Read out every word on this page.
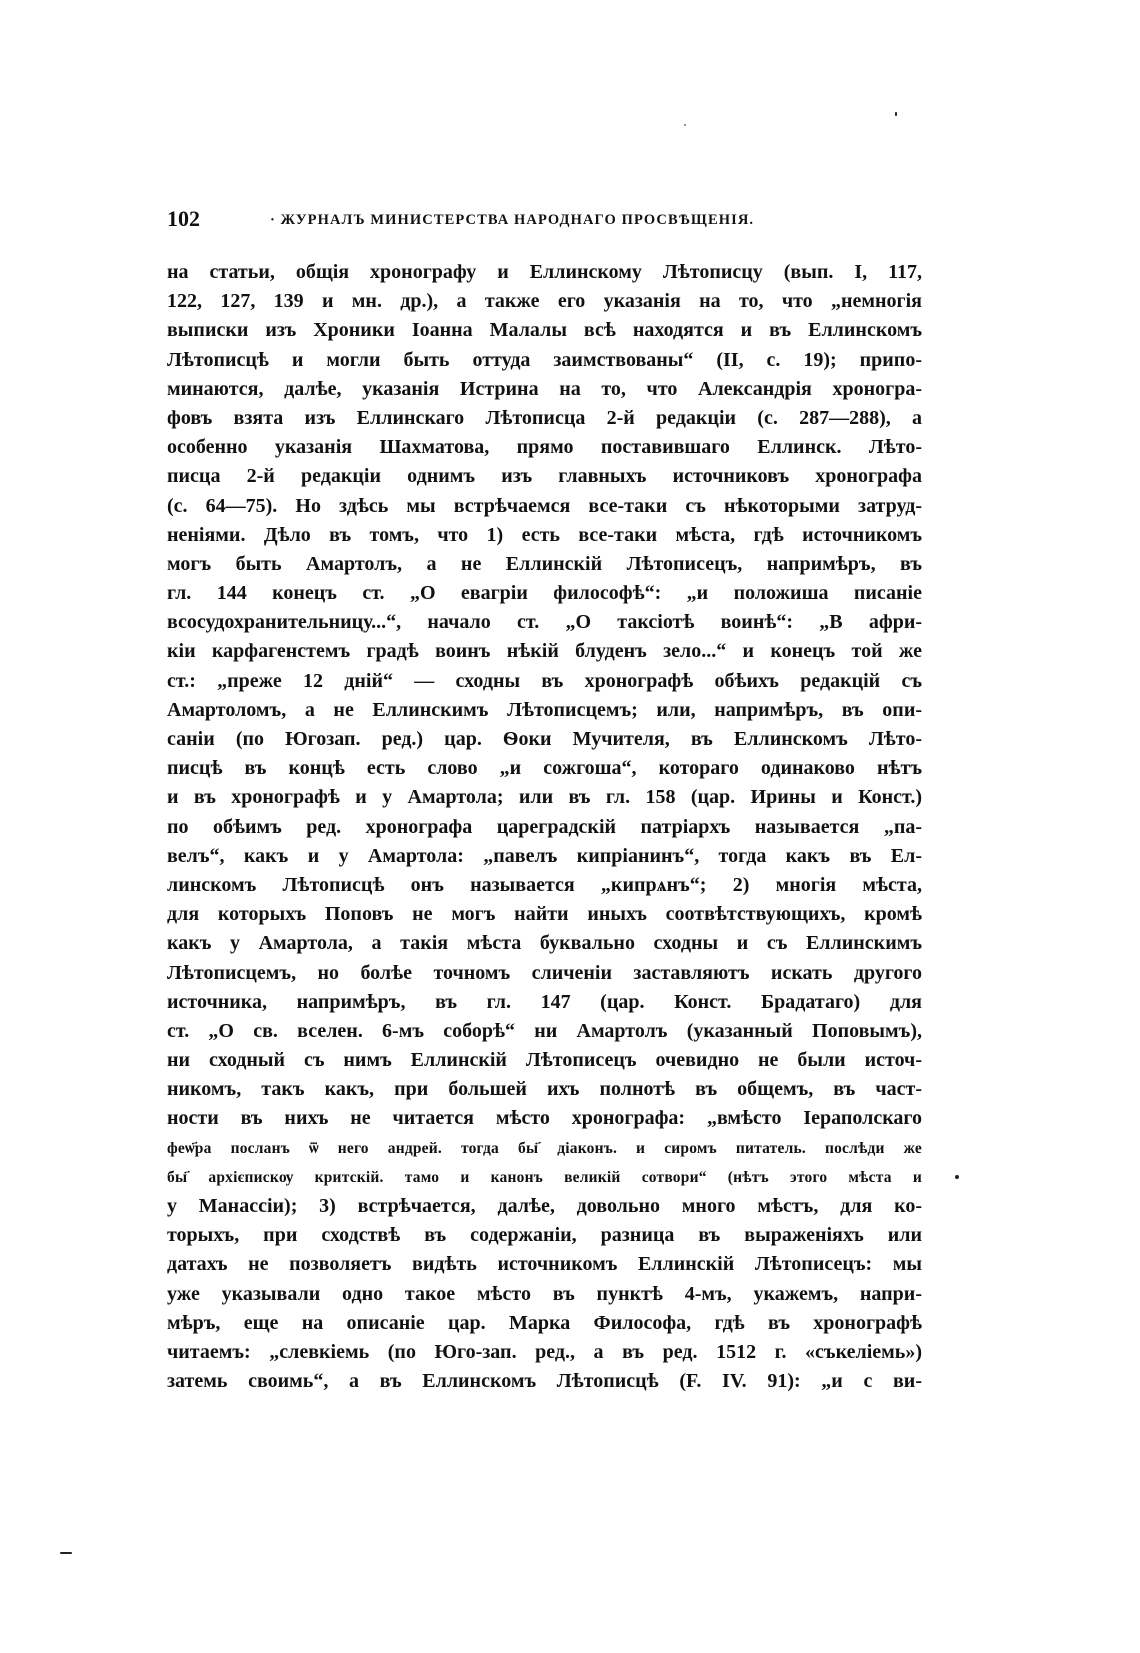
102	· ЖУРНАЛЪ МИНИСТЕРСТВА НАРОДНАГО ПРОСВѢЩЕНІЯ.
на статьи, общія хронографу и Еллинскому Лѣтописцу (вып. I, 117,
122, 127, 139 и мн. др.), а также его указанія на то, что „немногія
выписки изъ Хроники Іоанна Малалы всѣ находятся и въ Еллинскомъ
Лѣтописцѣ и могли быть оттуда заимствованы“ (II, с. 19); припо-
минаются, далѣе, указанія Истрина на то, что Александрія хроногра-
фовъ взята изъ Еллинскаго Лѣтописца 2-й редакціи (с. 287—288), а
особенно указанія Шахматова, прямо поставившаго Еллинск. Лѣто-
писца 2-й редакціи однимъ изъ главныхъ источниковъ хронографа
(с. 64—75). Но здѣсь мы встрѣчаемся все-таки съ нѣкоторыми затруд-
неніями. Дѣло въ томъ, что 1) есть все-таки мѣста, гдѣ источникомъ
могъ быть Амартолъ, а не Еллинскій Лѣтописецъ, напримѣръ, въ
гл. 144 конецъ ст. „О евагріи философѣ“: „и положиша писаніе
всосудохранительницу...“, начало ст. „О таксіотѣ воинѣ“: „В афри-
кіи карфагенстемъ градѣ воинъ нѣкій блуденъ зело...“ и конецъ той же
ст.: „преже 12 дній“ — сходны въ хронографѣ обѣихъ редакцій съ
Амартоломъ, а не Еллинскимъ Лѣтописцемъ; или, напримѣръ, въ опи-
саніи (по Югозап. ред.) цар. Ѳоки Мучителя, въ Еллинскомъ Лѣто-
писцѣ въ концѣ есть слово „и сожгоша“, котораго одинаково нѣтъ
и въ хронографѣ и у Амартола; или въ гл. 158 (цар. Ирины и Конст.)
по обѣимъ ред. хронографа цареградскій патріархъ называется „па-
велъ“, какъ и у Амартола: „павелъ кипріанинъ“, тогда какъ въ Ел-
линскомъ Лѣтописцѣ онъ называется „кипрѧнъ“; 2) многія мѣста,
для которыхъ Поповъ не могъ найти иныхъ соотвѣтствующихъ, кромѣ
какъ у Амартола, а такія мѣста буквально сходны и съ Еллинскимъ
Лѣтописцемъ, но болѣе точномъ сличеніи заставляютъ искать другого
источника, напримѣръ, въ гл. 147 (цар. Конст. Брадатаго) для
ст. „О св. вселен. 6-мъ соборѣ“ ни Амартолъ (указанный Поповымъ),
ни сходный съ нимъ Еллинскій Лѣтописецъ очевидно не были источ-
никомъ, такъ какъ, при большей ихъ полнотѣ въ общемъ, въ част-
ности въ нихъ не читается мѣсто хронографа: „вмѣсто Іераполскаго
феѡ҃ра посланъ ѿ него андрей. тогда бы҃ діаконъ. и сиромъ питатель. послѣди же
бы҃ архієпискѹ критскій. тамо и канонъ великій сотвори“ (нѣтъ этого мѣста и
у Манассіи); 3) встрѣчается, далѣе, довольно много мѣстъ, для ко-
торыхъ, при сходствѣ въ содержаніи, разница въ выраженіяхъ или
датахъ не позволяетъ видѣть источникомъ Еллинскій Лѣтописецъ: мы
уже указывали одно такое мѣсто въ пунктѣ 4-мъ, укажемъ, напри-
мѣръ, еще на описаніе цар. Марка Философа, гдѣ въ хронографѣ
читаемъ: „слевкіемь (по Юго-зап. ред., а въ ред. 1512 г. «съкеліемь»)
затемь своимь“, а въ Еллинскомъ Лѣтописцѣ (F. IV. 91): „и с ви-
